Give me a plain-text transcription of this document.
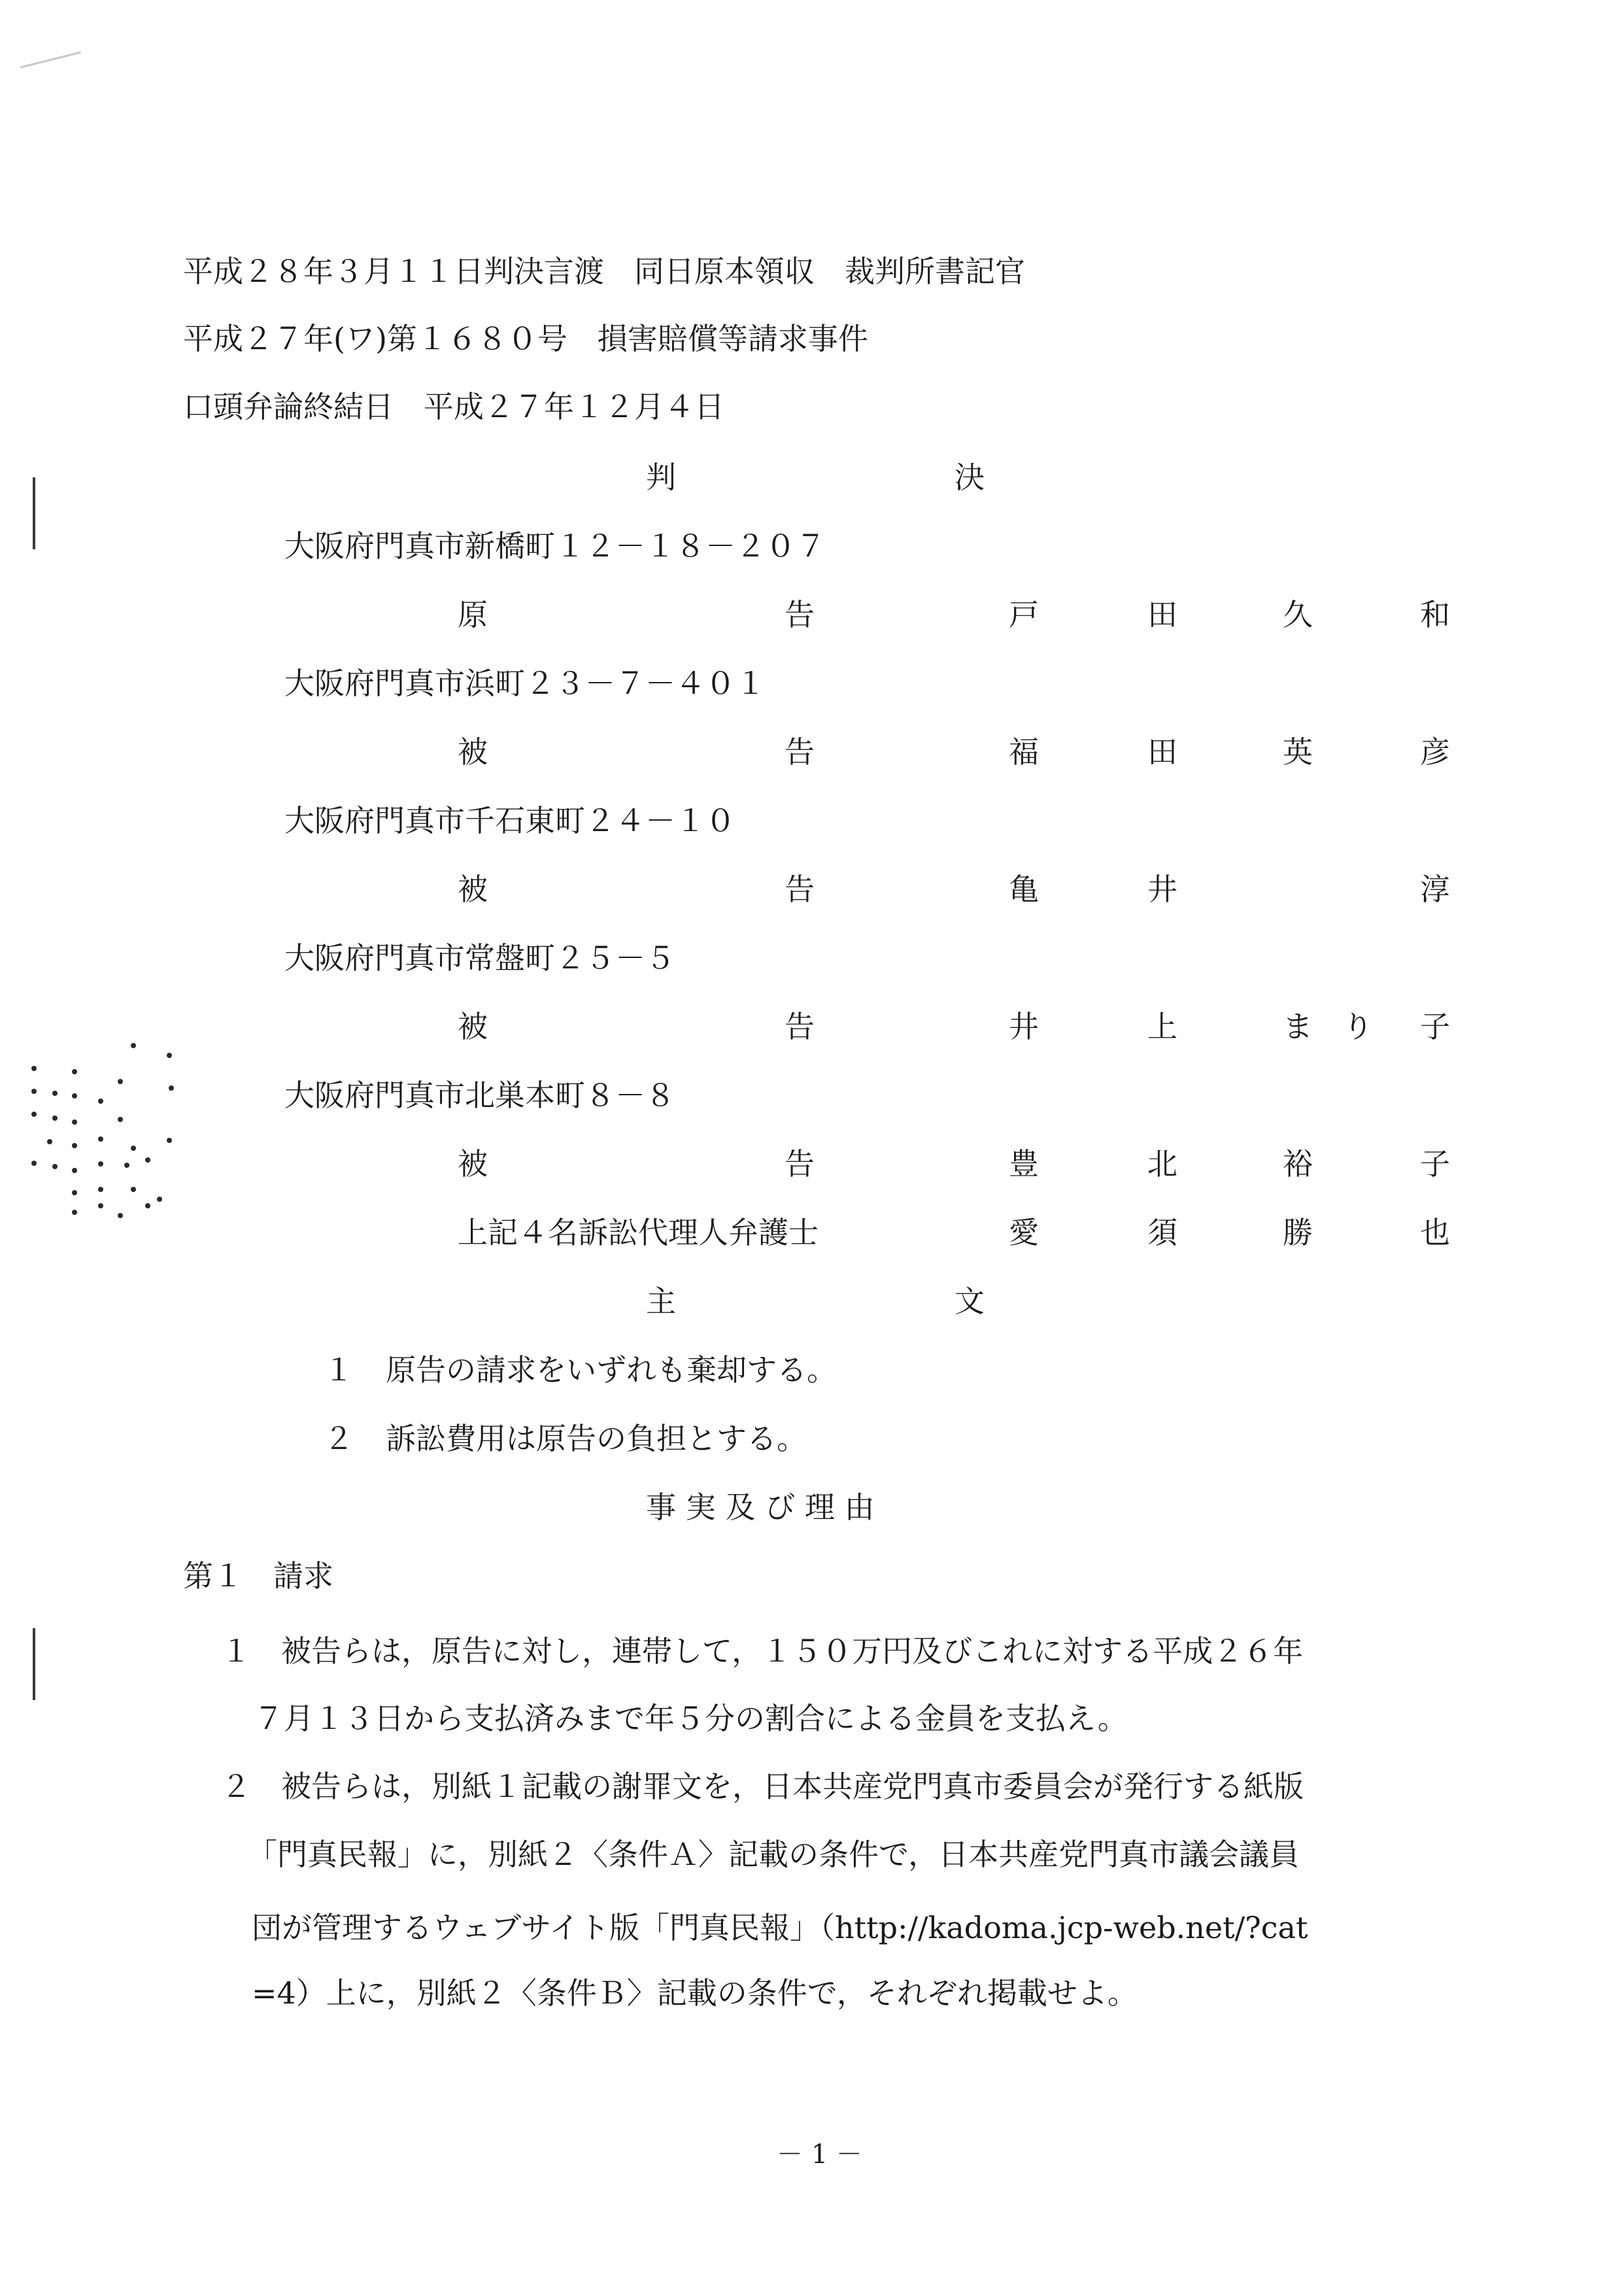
平成２８年３月１１日判決言渡　同日原本領収　裁判所書記官
平成２７年(ワ)第１６８０号　損害賠償等請求事件
口頭弁論終結日　平成２７年１２月４日
判	決
大阪府門真市新橋町１２－１８－２０７
原	告	戸	田	久	和
大阪府門真市浜町２３－７－４０１
被	告	福	田	英	彦
大阪府門真市千石東町２４－１０
被	告	亀	井	淳
大阪府門真市常盤町２５－５
被	告	井	上	ま　り 子
大阪府門真市北巣本町８－８
被	告	豊	北	裕	子
上記４名訴訟代理人弁護士	愛	須	勝	也
主	文
１ 原告の請求をいずれも棄却する。
２ 訴訟費用は原告の負担とする。
事実及び理由
第１　請求
１　被告らは，原告に対し，連帯して，１５０万円及びこれに対する平成２６年
７月１３日から支払済みまで年５分の割合による金員を支払え。
２　被告らは，別紙１記載の謝罪文を，日本共産党門真市委員会が発行する紙版
「門真民報」に，別紙２〈条件Ａ〉記載の条件で，日本共産党門真市議会議員
団が管理するウェブサイト版「門真民報」（http://kadoma.jcp-web.net/?cat
=4）上に，別紙２〈条件Ｂ〉記載の条件で，それぞれ掲載せよ。
－ 1 －
